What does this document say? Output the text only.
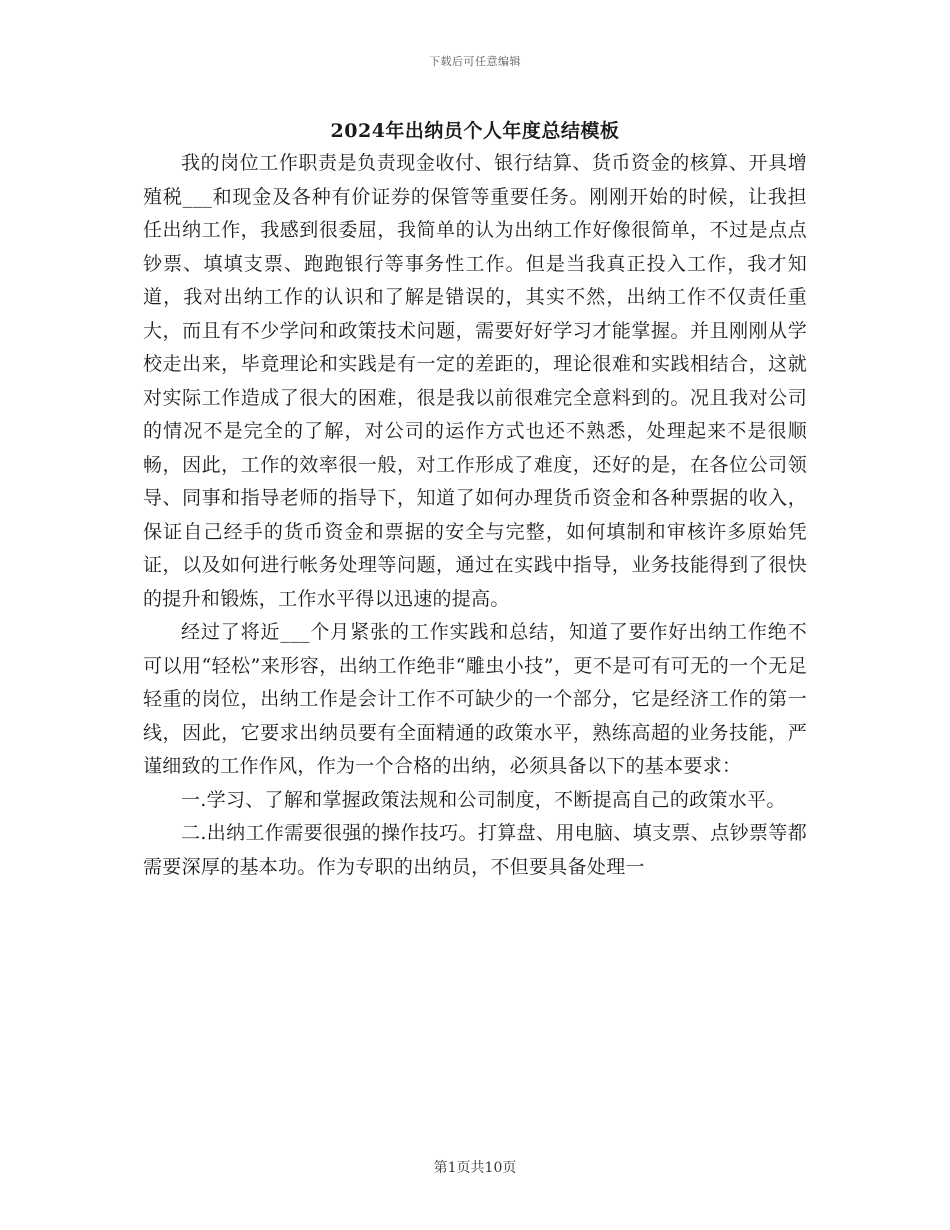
下载后可任意编辑
2024年出纳员个人年度总结模板

我的岗位工作职责是负责现金收付、银行结算、货币资金的核算、开具增殖税___和现金及各种有价证券的保管等重要任务。刚刚开始的时候，让我担任出纳工作，我感到很委屈，我简单的认为出纳工作好像很简单，不过是点点钞票、填填支票、跑跑银行等事务性工作。但是当我真正投入工作，我才知道，我对出纳工作的认识和了解是错误的，其实不然，出纳工作不仅责任重大，而且有不少学问和政策技术问题，需要好好学习才能掌握。并且刚刚从学校走出来，毕竟理论和实践是有一定的差距的，理论很难和实践相结合，这就对实际工作造成了很大的困难，很是我以前很难完全意料到的。况且我对公司的情况不是完全的了解，对公司的运作方式也还不熟悉，处理起来不是很顺畅，因此，工作的效率很一般，对工作形成了难度，还好的是，在各位公司领导、同事和指导老师的指导下，知道了如何办理货币资金和各种票据的收入，保证自己经手的货币资金和票据的安全与完整，如何填制和审核许多原始凭证，以及如何进行帐务处理等问题，通过在实践中指导，业务技能得到了很快的提升和锻炼，工作水平得以迅速的提高。

经过了将近___个月紧张的工作实践和总结，知道了要作好出纳工作绝不可以用“轻松”来形容，出纳工作绝非“雕虫小技”，更不是可有可无的一个无足轻重的岗位，出纳工作是会计工作不可缺少的一个部分，它是经济工作的第一线，因此，它要求出纳员要有全面精通的政策水平，熟练高超的业务技能，严谨细致的工作作风，作为一个合格的出纳，必须具备以下的基本要求：

一.学习、了解和掌握政策法规和公司制度，不断提高自己的政策水平。

二.出纳工作需要很强的操作技巧。打算盘、用电脑、填支票、点钞票等都需要深厚的基本功。作为专职的出纳员，不但要具备处理一

第1页共10页
